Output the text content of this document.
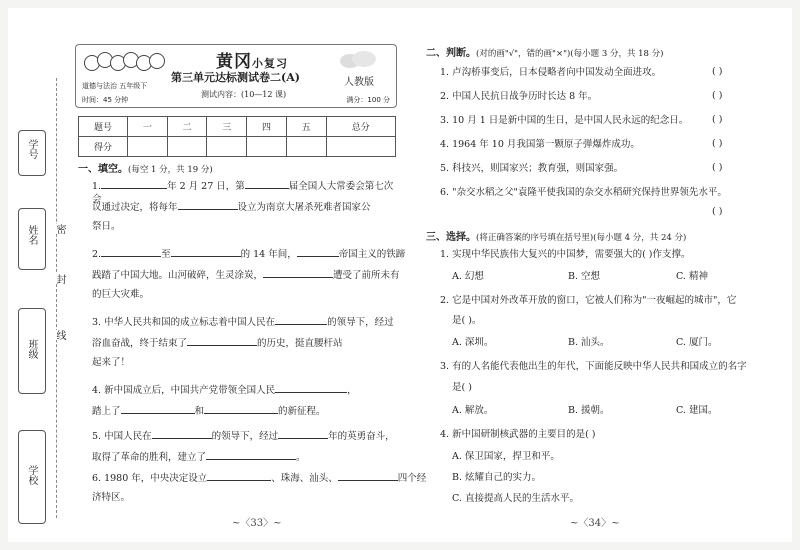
学号
姓名
班级
学校
密
封
线
道德与法治 五年级下
时间：45 分钟
黄冈小复习
第三单元达标测试卷二(A)
测试内容：(10—12 课)
人教版
满分：100 分
题号	一	二	三	四	五	总分
得分						
一、填空。(每空 1 分，共 19 分)
1.	年 2 月 27 日，第	届全国人大常委会第七次会
议通过决定，将每年	设立为南京大屠杀死难者国家公
祭日。
2.	至	的 14 年间，	帝国主义的铁蹄
践踏了中国大地。山河破碎，生灵涂炭，	遭受了前所未有
的巨大灾难。
3. 中华人民共和国的成立标志着中国人民在	的领导下，经过
浴血奋战，终于结束了	的历史，挺直腰杆站
起来了！
4. 新中国成立后，中国共产党带领全国人民	，
踏上了	和	的新征程。
5. 中国人民在	的领导下，经过	年的英勇奋斗，
取得了革命的胜利，建立了	。
6. 1980 年，中央决定设立	、珠海、汕头、	四个经
济特区。
~〈33〉~
二、判断。(对的画"√"，错的画"×")(每小题 3 分，共 18 分)
1. 卢沟桥事变后，日本侵略者向中国发动全面进攻。	( )
2. 中国人民抗日战争历时长达 8 年。	( )
3. 10 月 1 日是新中国的生日，是中国人民永远的纪念日。 ( )
4. 1964 年 10 月我国第一颗原子弹爆炸成功。	( )
5. 科技兴，则国家兴；教育强，则国家强。	( )
6. "杂交水稻之父"袁隆平使我国的杂交水稻研究保持世界领先水平。
( )
三、选择。(将正确答案的序号填在括号里)(每小题 4 分，共 24 分)
1. 实现中华民族伟大复兴的中国梦，需要强大的( )作支撑。
A. 幻想	B. 空想	C. 精神
2. 它是中国对外改革开放的窗口，它被人们称为"一夜崛起的城市"，它
是( )。
A. 深圳。	B. 汕头。	C. 厦门。
3. 有的人名能代表他出生的年代，下面能反映中华人民共和国成立的名字
是( )
A. 解放。	B. 援朝。	C. 建国。
4. 新中国研制核武器的主要目的是( )
A. 保卫国家，捍卫和平。
B. 炫耀自己的实力。
C. 直接提高人民的生活水平。
~〈34〉~
